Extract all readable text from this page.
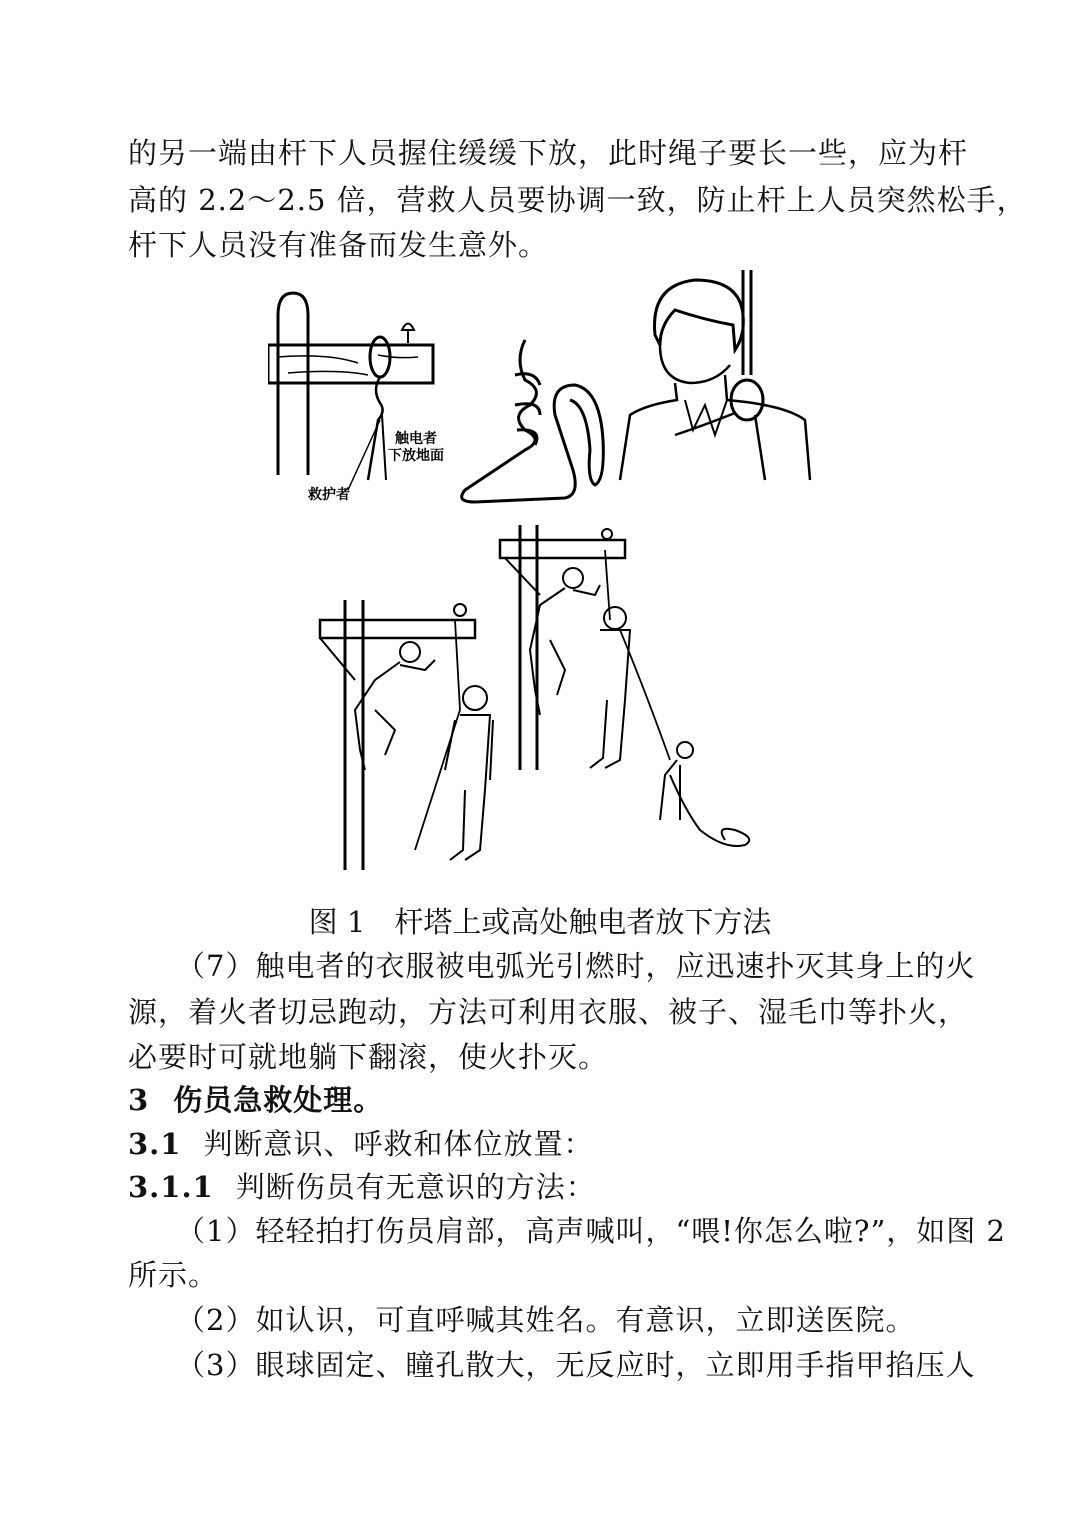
的另一端由杆下人员握住缓缓下放，此时绳子要长一些，应为杆
高的 2.2～2.5 倍，营救人员要协调一致，防止杆上人员突然松手，
杆下人员没有准备而发生意外。
触电者
下放地面
救护者
图 1　杆塔上或高处触电者放下方法
（7）触电者的衣服被电弧光引燃时，应迅速扑灭其身上的火
源，着火者切忌跑动，方法可利用衣服、被子、湿毛巾等扑火，
必要时可就地躺下翻滚，使火扑灭。
3 伤员急救处理。
3.1 判断意识、呼救和体位放置：
3.1.1 判断伤员有无意识的方法：
（1）轻轻拍打伤员肩部，高声喊叫，“喂!你怎么啦?”，如图 2
所示。
（2）如认识，可直呼喊其姓名。有意识，立即送医院。
（3）眼球固定、瞳孔散大，无反应时，立即用手指甲掐压人
